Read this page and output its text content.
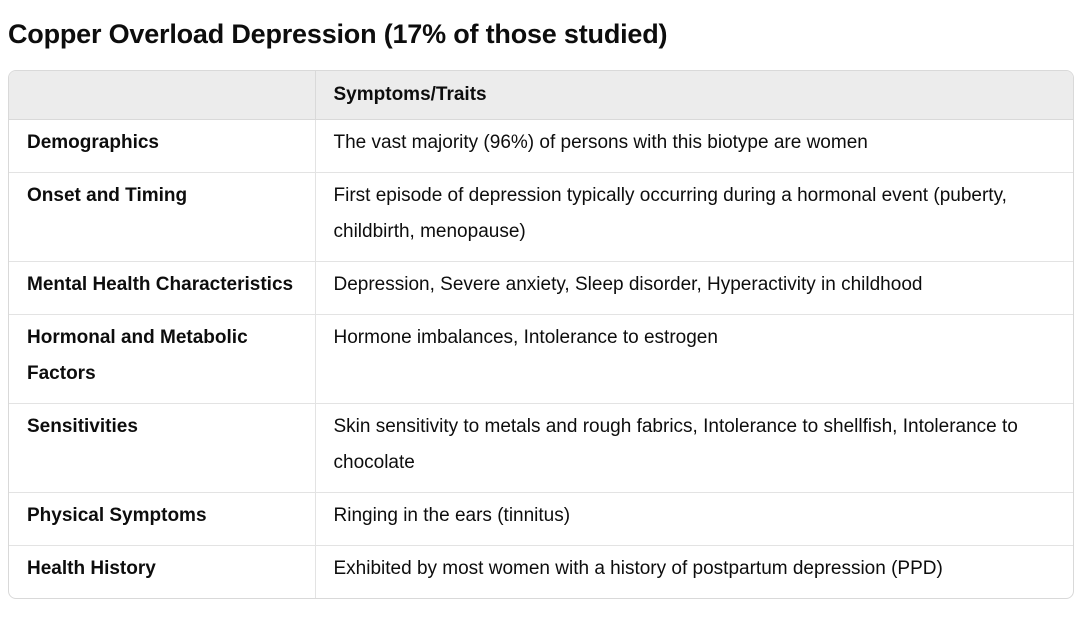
Copper Overload Depression (17% of those studied)
	Symptoms/Traits

Demographics	The vast majority (96%) of persons with this biotype are women

Onset and Timing	First episode of depression typically occurring during a hormonal event (puberty, childbirth, menopause)

Mental Health Characteristics	Depression, Severe anxiety, Sleep disorder, Hyperactivity in childhood

Hormonal and Metabolic Factors	Hormone imbalances, Intolerance to estrogen

Sensitivities	Skin sensitivity to metals and rough fabrics, Intolerance to shellfish, Intolerance to chocolate

Physical Symptoms	Ringing in the ears (tinnitus)

Health History	Exhibited by most women with a history of postpartum depression (PPD)
